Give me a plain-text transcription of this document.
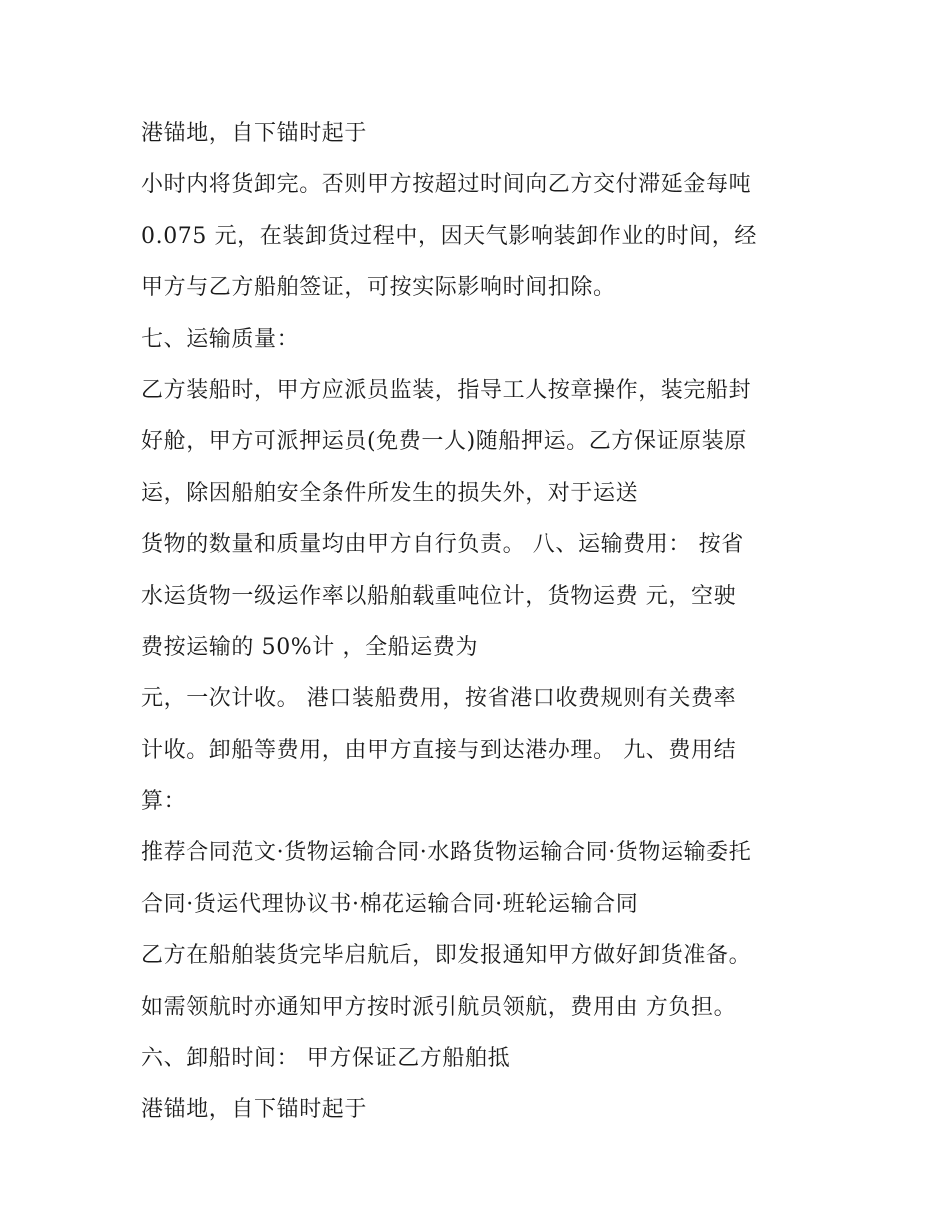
港锚地，自下锚时起于
小时内将货卸完。否则甲方按超过时间向乙方交付滞延金每吨
0.075 元，在装卸货过程中，因天气影响装卸作业的时间，经
甲方与乙方船舶签证，可按实际影响时间扣除。
七、运输质量：
乙方装船时，甲方应派员监装，指导工人按章操作，装完船封
好舱，甲方可派押运员(免费一人)随船押运。乙方保证原装原
运，除因船舶安全条件所发生的损失外，对于运送
货物的数量和质量均由甲方自行负责。 八、运输费用： 按省
水运货物一级运作率以船舶载重吨位计，货物运费 元，空驶
费按运输的 50%计 ，全船运费为
元，一次计收。 港口装船费用，按省港口收费规则有关费率
计收。卸船等费用，由甲方直接与到达港办理。 九、费用结
算：
推荐合同范文·货物运输合同·水路货物运输合同·货物运输委托
合同·货运代理协议书·棉花运输合同·班轮运输合同
乙方在船舶装货完毕启航后，即发报通知甲方做好卸货准备。
如需领航时亦通知甲方按时派引航员领航，费用由 方负担。
六、卸船时间： 甲方保证乙方船舶抵
港锚地，自下锚时起于
